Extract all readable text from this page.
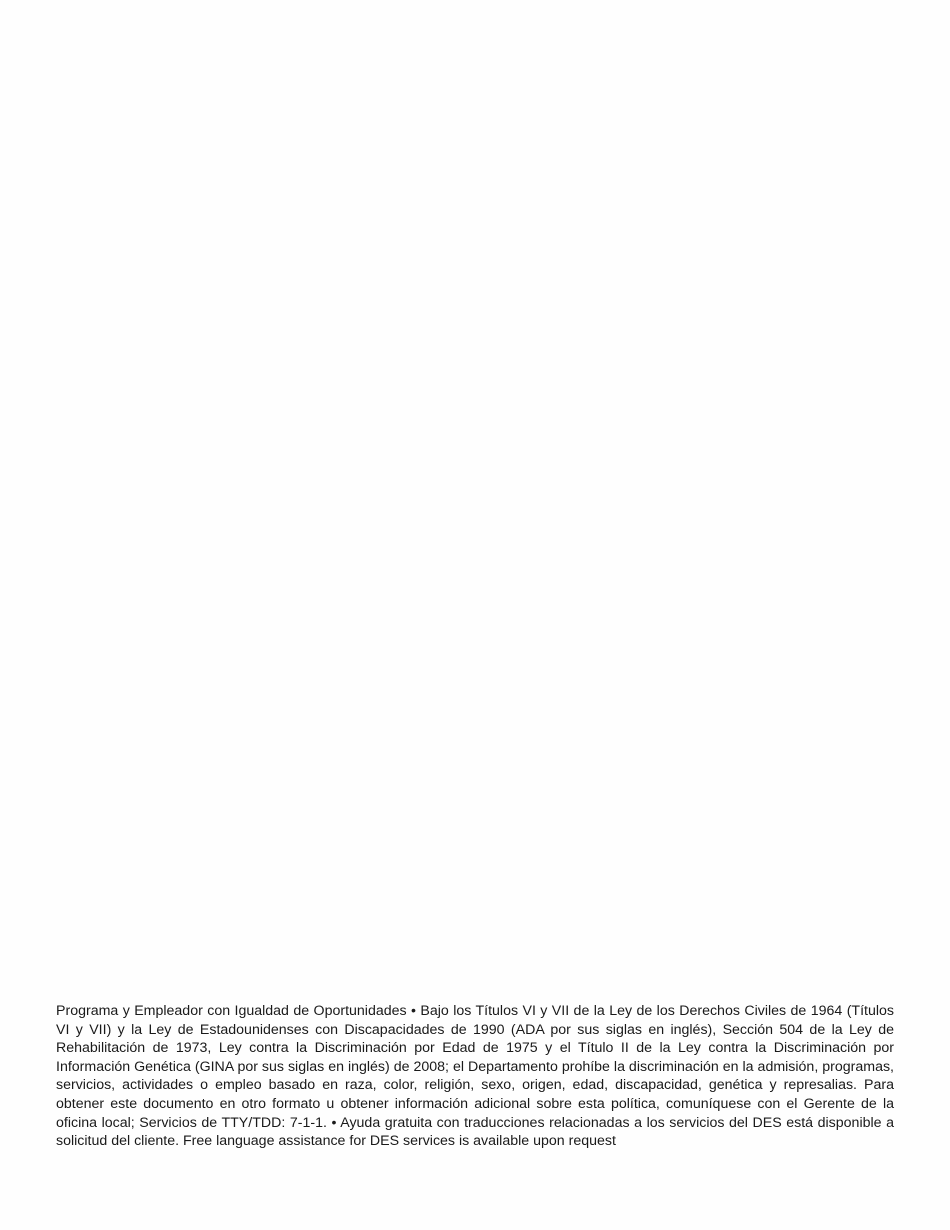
Programa y Empleador con Igualdad de Oportunidades • Bajo los Títulos VI y VII de la Ley de los Derechos Civiles de 1964 (Títulos VI y VII) y la Ley de Estadounidenses con Discapacidades de 1990 (ADA por sus siglas en inglés), Sección 504 de la Ley de Rehabilitación de 1973, Ley contra la Discriminación por Edad de 1975 y el Título II de la Ley contra la Discriminación por Información Genética (GINA por sus siglas en inglés) de 2008; el Departamento prohíbe la discriminación en la admisión, programas, servicios, actividades o empleo basado en raza, color, religión, sexo, origen, edad, discapacidad, genética y represalias. Para obtener este documento en otro formato u obtener información adicional sobre esta política, comuníquese con el Gerente de la oficina local; Servicios de TTY/TDD: 7-1-1. • Ayuda gratuita con traducciones relacionadas a los servicios del DES está disponible a solicitud del cliente. Free language assistance for DES services is available upon request
